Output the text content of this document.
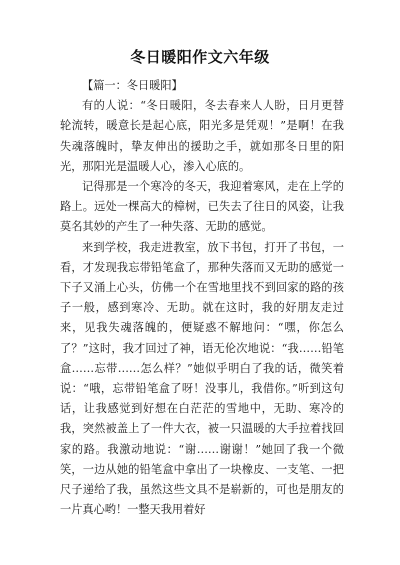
冬日暖阳作文六年级

【篇一：冬日暖阳】

有的人说：“冬日暖阳，冬去春来人人盼，日月更替轮流转，暖意长是起心底，阳光多是凭观！”是啊！在我失魂落魄时，挚友伸出的援助之手，就如那冬日里的阳光，那阳光是温暖人心，渗入心底的。

记得那是一个寒冷的冬天，我迎着寒风，走在上学的路上。远处一棵高大的樟树，已失去了往日的风姿，让我莫名其妙的产生了一种失落、无助的感觉。

来到学校，我走进教室，放下书包，打开了书包，一看，才发现我忘带铅笔盒了，那种失落而又无助的感觉一下子又涌上心头，仿佛一个在雪地里找不到回家的路的孩子一般，感到寒冷、无助。就在这时，我的好朋友走过来，见我失魂落魄的，便疑惑不解地问：“嘿，你怎么了？”这时，我才回过了神，语无伦次地说：“我……铅笔盒……忘带……怎么样？”她似乎明白了我的话，微笑着说：“哦，忘带铅笔盒了呀！没事儿，我借你。”听到这句话，让我感觉到好想在白茫茫的雪地中，无助、寒冷的我，突然被盖上了一件大衣，被一只温暖的大手拉着找回家的路。我激动地说：“谢……谢谢！”她回了我一个微笑，一边从她的铅笔盒中拿出了一块橡皮、一支笔、一把尺子递给了我，虽然这些文具不是崭新的，可也是朋友的一片真心哟！一整天我用着好
